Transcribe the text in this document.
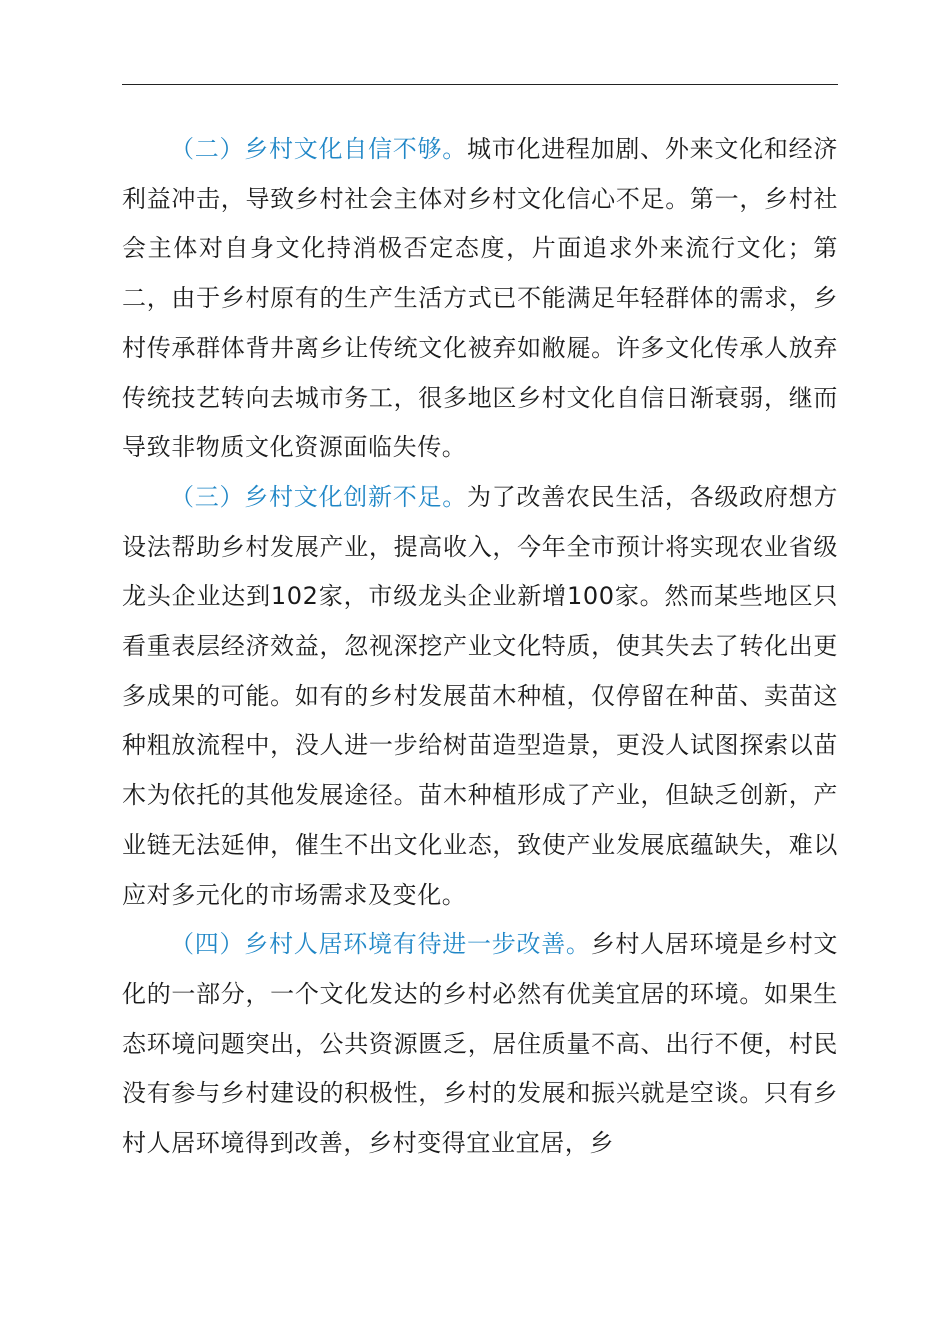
（二）乡村文化自信不够。城市化进程加剧、外来文化和经济利益冲击，导致乡村社会主体对乡村文化信心不足。第一，乡村社会主体对自身文化持消极否定态度，片面追求外来流行文化；第二，由于乡村原有的生产生活方式已不能满足年轻群体的需求，乡村传承群体背井离乡让传统文化被弃如敝屣。许多文化传承人放弃传统技艺转向去城市务工，很多地区乡村文化自信日渐衰弱，继而导致非物质文化资源面临失传。

（三）乡村文化创新不足。为了改善农民生活，各级政府想方设法帮助乡村发展产业，提高收入，今年全市预计将实现农业省级龙头企业达到102家，市级龙头企业新增100家。然而某些地区只看重表层经济效益，忽视深挖产业文化特质，使其失去了转化出更多成果的可能。如有的乡村发展苗木种植，仅停留在种苗、卖苗这种粗放流程中，没人进一步给树苗造型造景，更没人试图探索以苗木为依托的其他发展途径。苗木种植形成了产业，但缺乏创新，产业链无法延伸，催生不出文化业态，致使产业发展底蕴缺失，难以应对多元化的市场需求及变化。

（四）乡村人居环境有待进一步改善。乡村人居环境是乡村文化的一部分，一个文化发达的乡村必然有优美宜居的环境。如果生态环境问题突出，公共资源匮乏，居住质量不高、出行不便，村民没有参与乡村建设的积极性，乡村的发展和振兴就是空谈。只有乡村人居环境得到改善，乡村变得宜业宜居，乡
